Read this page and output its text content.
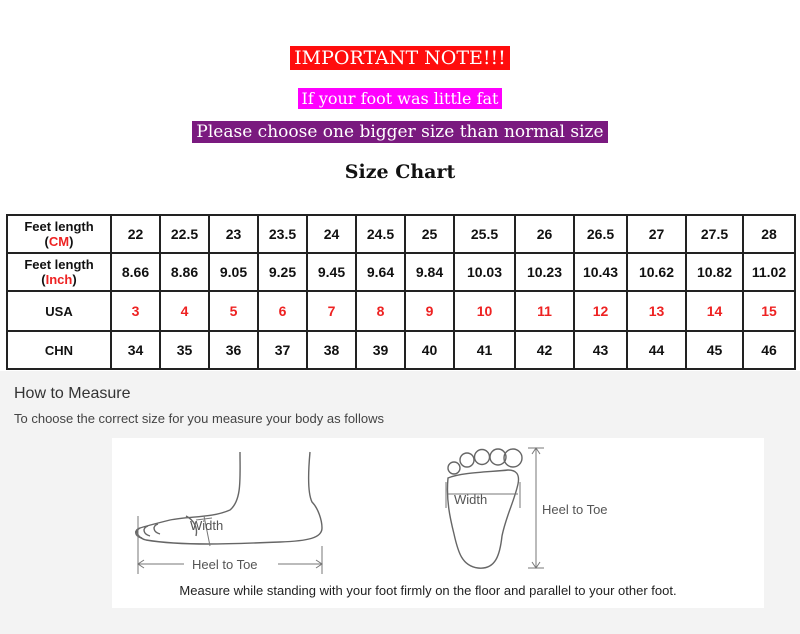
IMPORTANT NOTE!!!
If your foot was little fat
Please choose one bigger size than normal size
Size Chart
Feet length
(CM)	22	22.5	23	23.5	24	24.5	25	25.5	26	26.5	27	27.5	28
Feet length
(Inch)	8.66	8.86	9.05	9.25	9.45	9.64	9.84	10.03	10.23	10.43	10.62	10.82	11.02
USA	3	4	5	6	7	8	9	10	11	12	13	14	15
CHN	34	35	36	37	38	39	40	41	42	43	44	45	46
How to Measure
To choose the correct size for you measure your body as follows
Width
Heel to Toe
Width
Heel to Toe
Measure while standing with your foot firmly on the floor and parallel to your other foot.
